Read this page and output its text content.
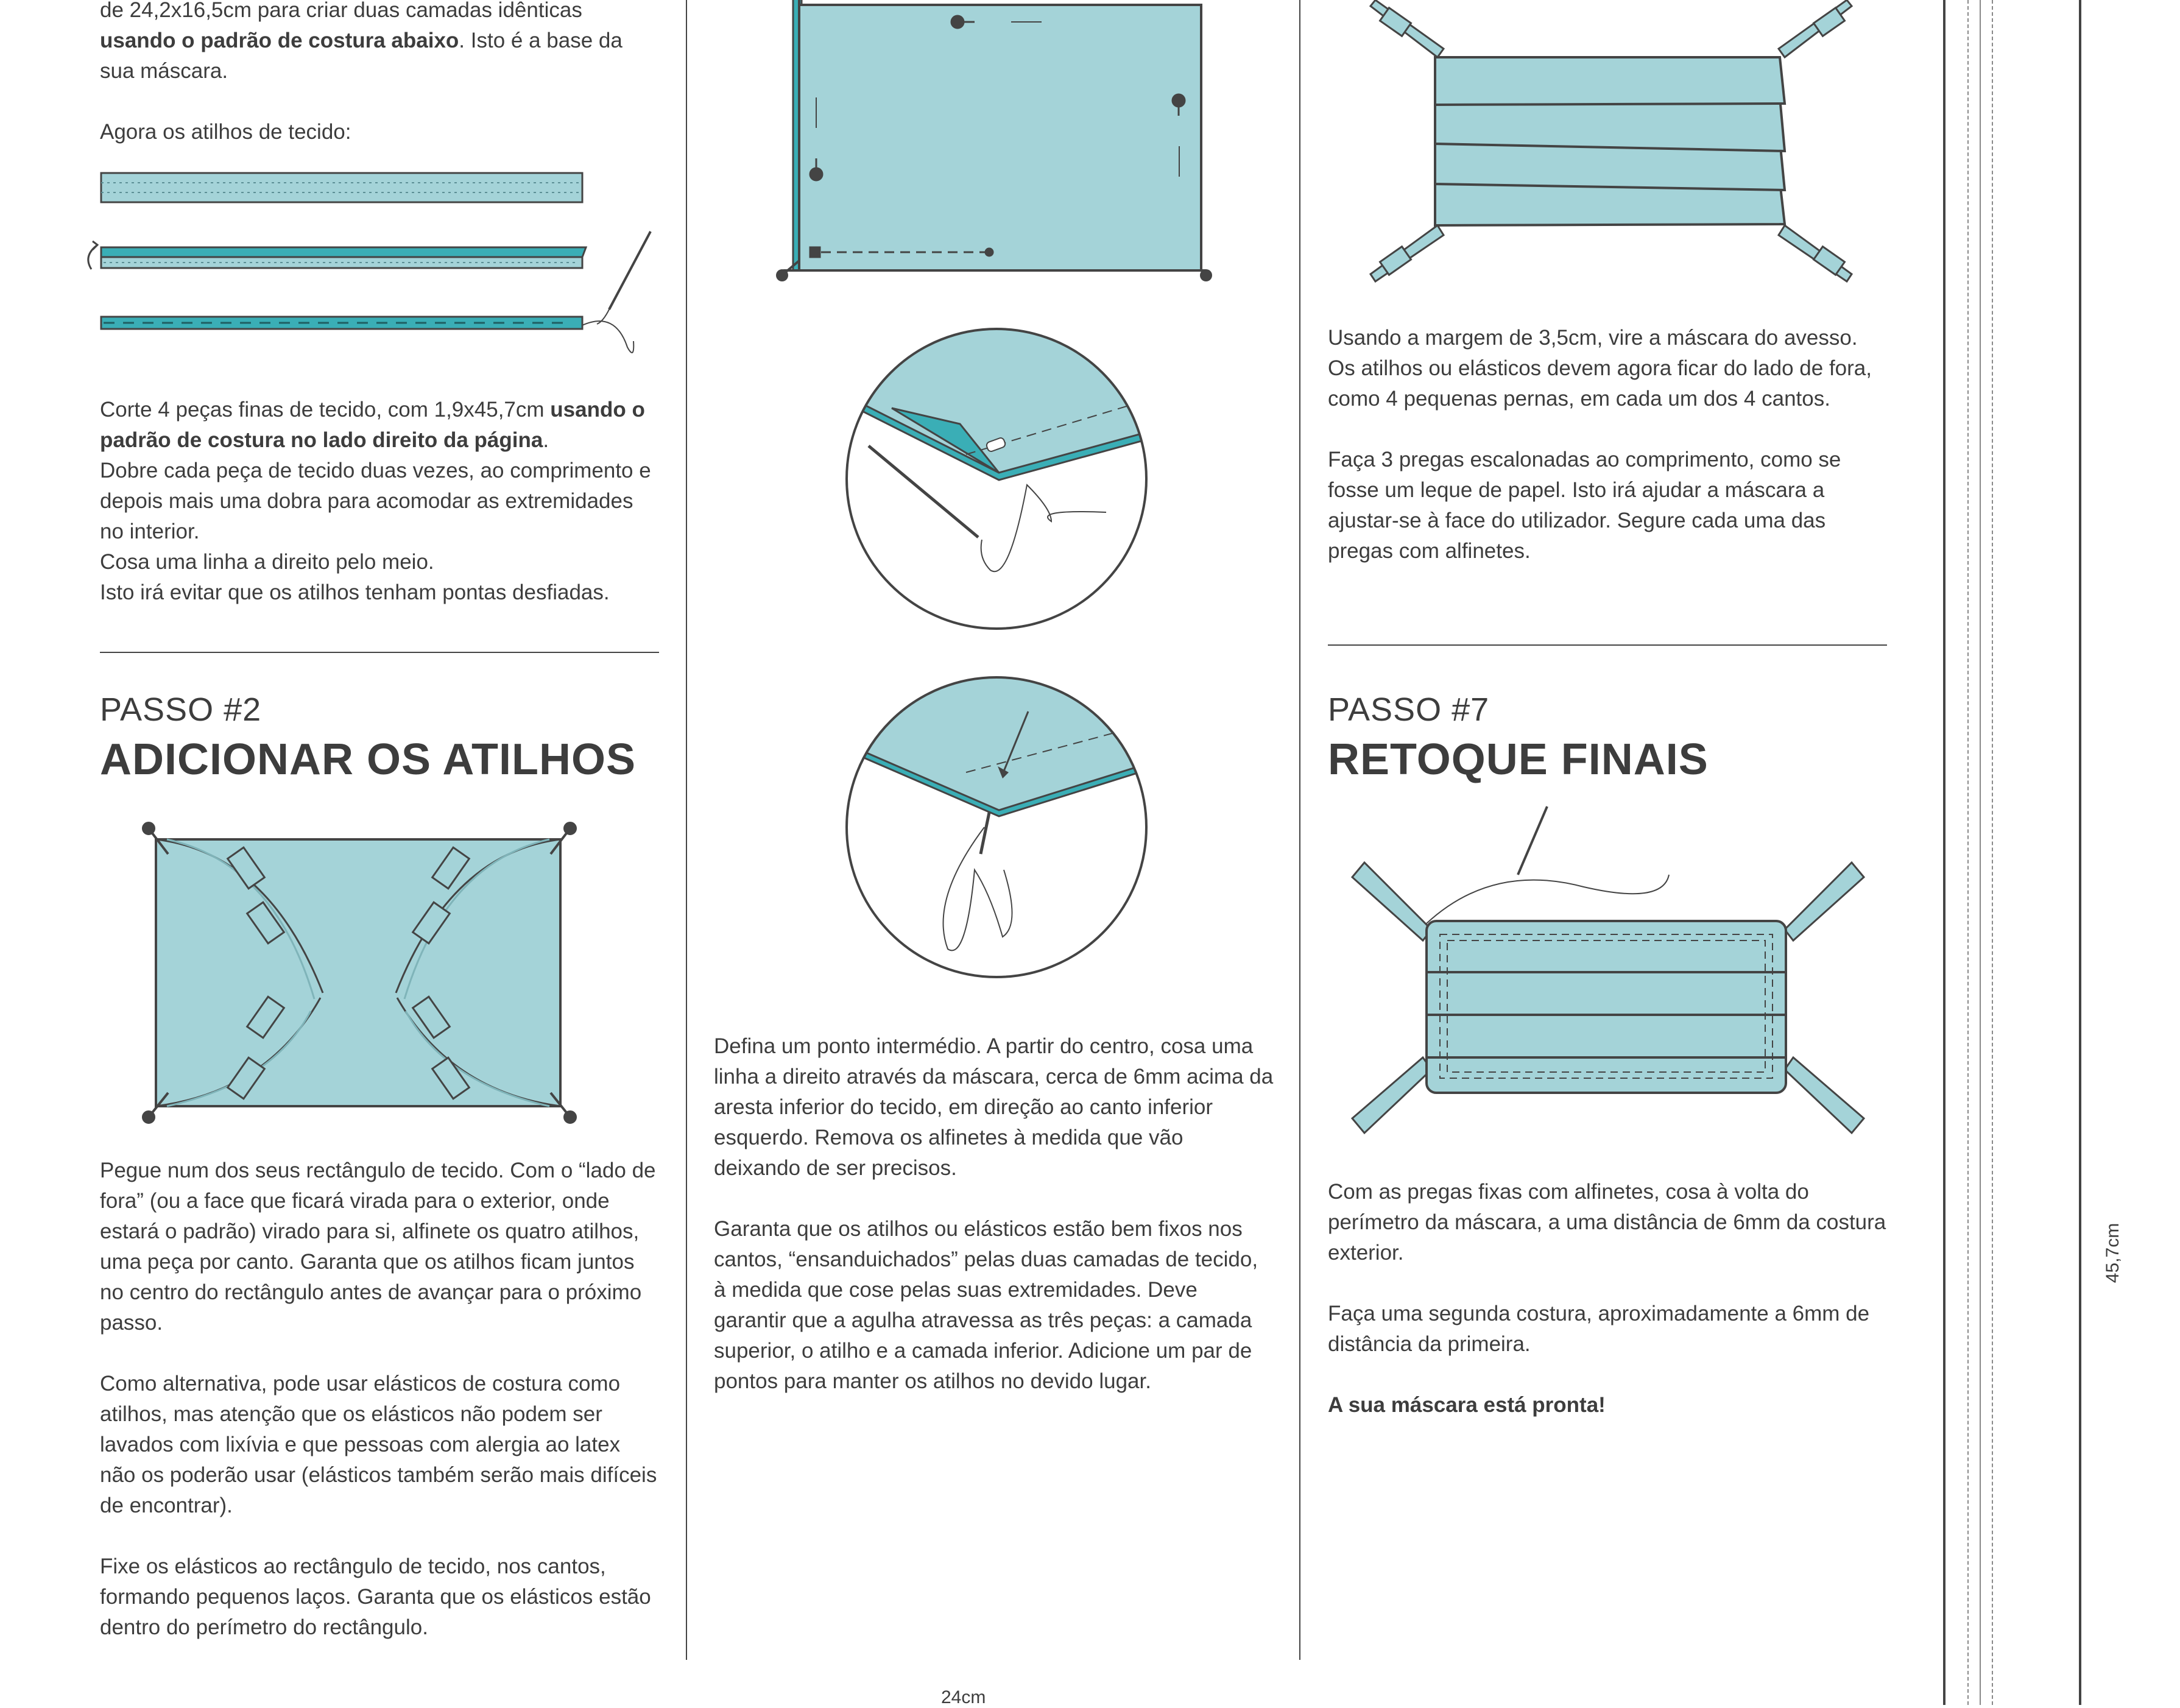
de 24,2x16,5cm para criar duas camadas idênticas
usando o padrão de costura abaixo. Isto é a base da sua máscara.
Agora os atilhos de tecido:
Corte 4 peças finas de tecido, com 1,9x45,7cm usando o padrão de costura no lado direito da página.
Dobre cada peça de tecido duas vezes, ao comprimento e depois mais uma dobra para acomodar as extremidades no interior.
Cosa uma linha a direito pelo meio.
Isto irá evitar que os atilhos tenham pontas desfiadas.
PASSO #2
ADICIONAR OS ATILHOS

Pegue num dos seus rectângulo de tecido. Com o “lado de fora” (ou a face que ficará virada para o exterior, onde estará o padrão) virado para si, alfinete os quatro atilhos, uma peça por canto. Garanta que os atilhos ficam juntos no centro do rectângulo antes de avançar para o próximo passo.

Como alternativa, pode usar elásticos de costura como atilhos, mas atenção que os elásticos não podem ser lavados com lixívia e que pessoas com alergia ao latex não os poderão usar (elásticos também serão mais difíceis de encontrar).

Fixe os elásticos ao rectângulo de tecido, nos cantos, formando pequenos laços. Garanta que os elásticos estão dentro do perímetro do rectângulo.

Defina um ponto intermédio. A partir do centro, cosa uma linha a direito através da máscara, cerca de 6mm acima da aresta inferior do tecido, em direção ao canto inferior esquerdo. Remova os alfinetes à medida que vão deixando de ser precisos.

Garanta que os atilhos ou elásticos estão bem fixos nos cantos, “ensanduichados” pelas duas camadas de tecido, à medida que cose pelas suas extremidades. Deve garantir que a agulha atravessa as três peças: a camada superior, o atilho e a camada inferior. Adicione um par de pontos para manter os atilhos no devido lugar.

24cm

Usando a margem de 3,5cm, vire a máscara do avesso. Os atilhos ou elásticos devem agora ficar do lado de fora, como 4 pequenas pernas, em cada um dos 4 cantos.

Faça 3 pregas escalonadas ao comprimento, como se fosse um leque de papel. Isto irá ajudar a máscara a ajustar-se à face do utilizador. Segure cada uma das pregas com alfinetes.

PASSO #7
RETOQUE FINAIS

Com as pregas fixas com alfinetes, cosa à volta do perímetro da máscara, a uma distância de 6mm da costura exterior.

Faça uma segunda costura, aproximadamente a 6mm de distância da primeira.

A sua máscara está pronta!

45,7cm
